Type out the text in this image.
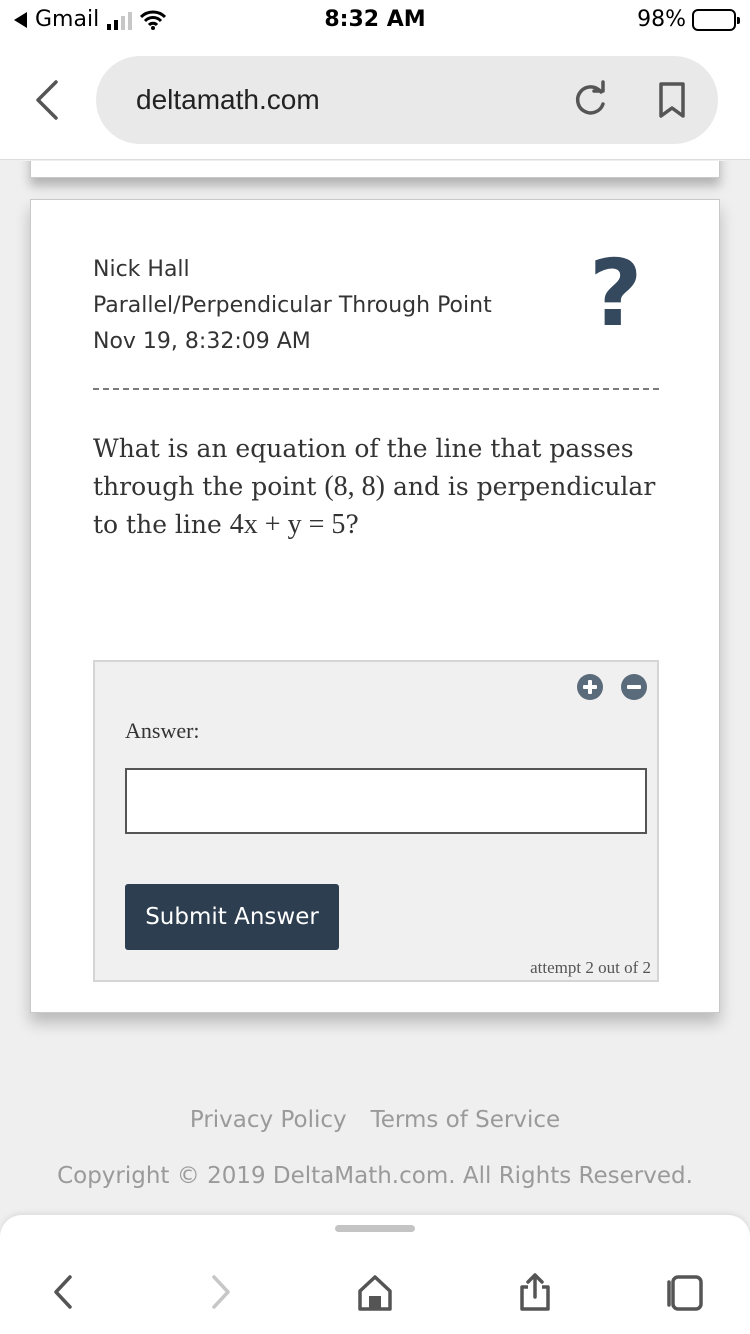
Gmail	8:32 AM	98%
deltamath.com
Nick Hall
Parallel/Perpendicular Through Point
Nov 19, 8:32:09 AM	?
What is an equation of the line that passes through the point (8, 8) and is perpendicular to the line 4x + y = 5?
Answer:
Submit Answer
attempt 2 out of 2
Privacy Policy Terms of Service
Copyright © 2019 DeltaMath.com. All Rights Reserved.
